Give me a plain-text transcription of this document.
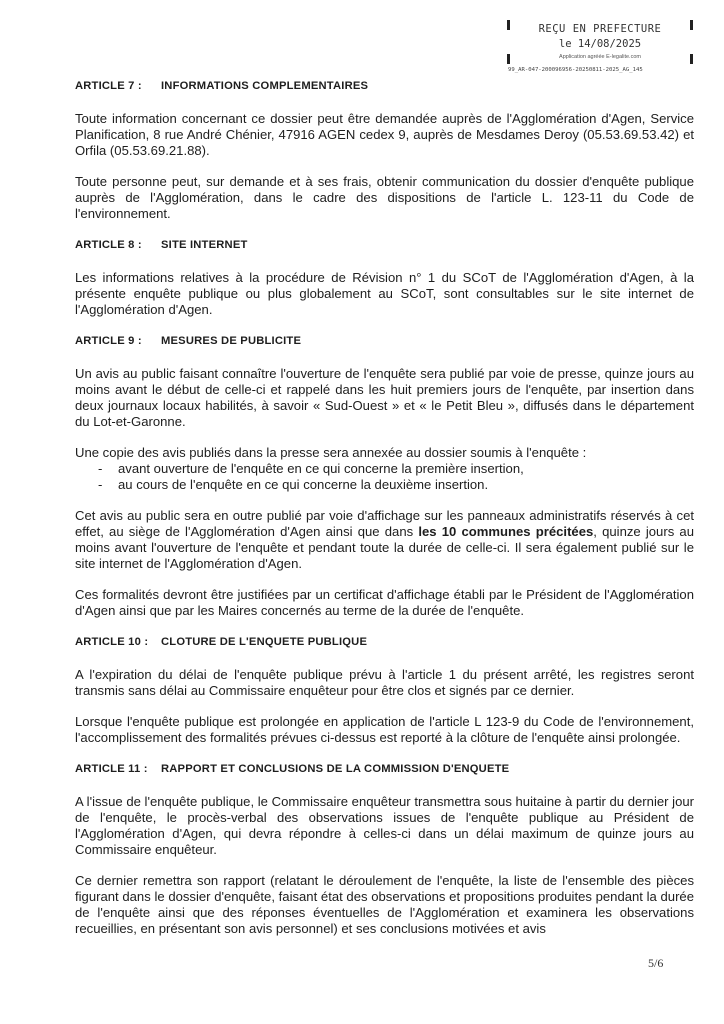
REÇU EN PREFECTURE
le 14/08/2025
Application agréée E-legalite.com
99_AR-047-200096956-20250811-2025_AG_145
ARTICLE 7 :	INFORMATIONS COMPLEMENTAIRES

Toute information concernant ce dossier peut être demandée auprès de l'Agglomération d'Agen, Service Planification, 8 rue André Chénier, 47916 AGEN cedex 9, auprès de Mesdames Deroy (05.53.69.53.42) et Orfila (05.53.69.21.88).

Toute personne peut, sur demande et à ses frais, obtenir communication du dossier d'enquête publique auprès de l'Agglomération, dans le cadre des dispositions de l'article L. 123-11 du Code de l'environnement.

ARTICLE 8 :	SITE INTERNET

Les informations relatives à la procédure de Révision n° 1 du SCoT de l'Agglomération d'Agen, à la présente enquête publique ou plus globalement au SCoT, sont consultables sur le site internet de l'Agglomération d'Agen.

ARTICLE 9 :	MESURES DE PUBLICITE

Un avis au public faisant connaître l'ouverture de l'enquête sera publié par voie de presse, quinze jours au moins avant le début de celle-ci et rappelé dans les huit premiers jours de l'enquête, par insertion dans deux journaux locaux habilités, à savoir « Sud-Ouest » et « le Petit Bleu », diffusés dans le département du Lot-et-Garonne.

Une copie des avis publiés dans la presse sera annexée au dossier soumis à l'enquête :

-	avant ouverture de l'enquête en ce qui concerne la première insertion,
-	au cours de l'enquête en ce qui concerne la deuxième insertion.

Cet avis au public sera en outre publié par voie d'affichage sur les panneaux administratifs réservés à cet effet, au siège de l'Agglomération d'Agen ainsi que dans les 10 communes précitées, quinze jours au moins avant l'ouverture de l'enquête et pendant toute la durée de celle-ci. Il sera également publié sur le site internet de l'Agglomération d'Agen.

Ces formalités devront être justifiées par un certificat d'affichage établi par le Président de l'Agglomération d'Agen ainsi que par les Maires concernés au terme de la durée de l'enquête.

ARTICLE 10 :	CLOTURE DE L'ENQUETE PUBLIQUE

A l'expiration du délai de l'enquête publique prévu à l'article 1 du présent arrêté, les registres seront transmis sans délai au Commissaire enquêteur pour être clos et signés par ce dernier.

Lorsque l'enquête publique est prolongée en application de l'article L 123-9 du Code de l'environnement, l'accomplissement des formalités prévues ci-dessus est reporté à la clôture de l'enquête ainsi prolongée.

ARTICLE 11 :	RAPPORT ET CONCLUSIONS DE LA COMMISSION D'ENQUETE

A l'issue de l'enquête publique, le Commissaire enquêteur transmettra sous huitaine à partir du dernier jour de l'enquête, le procès-verbal des observations issues de l'enquête publique au Président de l'Agglomération d'Agen, qui devra répondre à celles-ci dans un délai maximum de quinze jours au Commissaire enquêteur.

Ce dernier remettra son rapport (relatant le déroulement de l'enquête, la liste de l'ensemble des pièces figurant dans le dossier d'enquête, faisant état des observations et propositions produites pendant la durée de l'enquête ainsi que des réponses éventuelles de l'Agglomération et examinera les observations recueillies, en présentant son avis personnel) et ses conclusions motivées et avis

5/6
